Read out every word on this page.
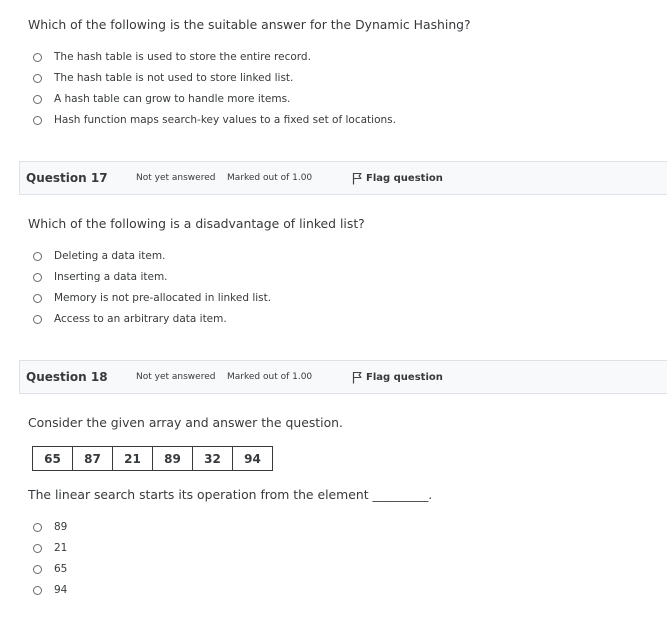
Which of the following is the suitable answer for the Dynamic Hashing?
The hash table is used to store the entire record.
The hash table is not used to store linked list.
A hash table can grow to handle more items.
Hash function maps search-key values to a fixed set of locations.
Question 17	Not yet answered Marked out of 1.00	Flag question
Which of the following is a disadvantage of linked list?
Deleting a data item.
Inserting a data item.
Memory is not pre-allocated in linked list.
Access to an arbitrary data item.
Question 18	Not yet answered Marked out of 1.00	Flag question
Consider the given array and answer the question.
65	87	21	89	32	94
The linear search starts its operation from the element _________.
89
21
65
94
